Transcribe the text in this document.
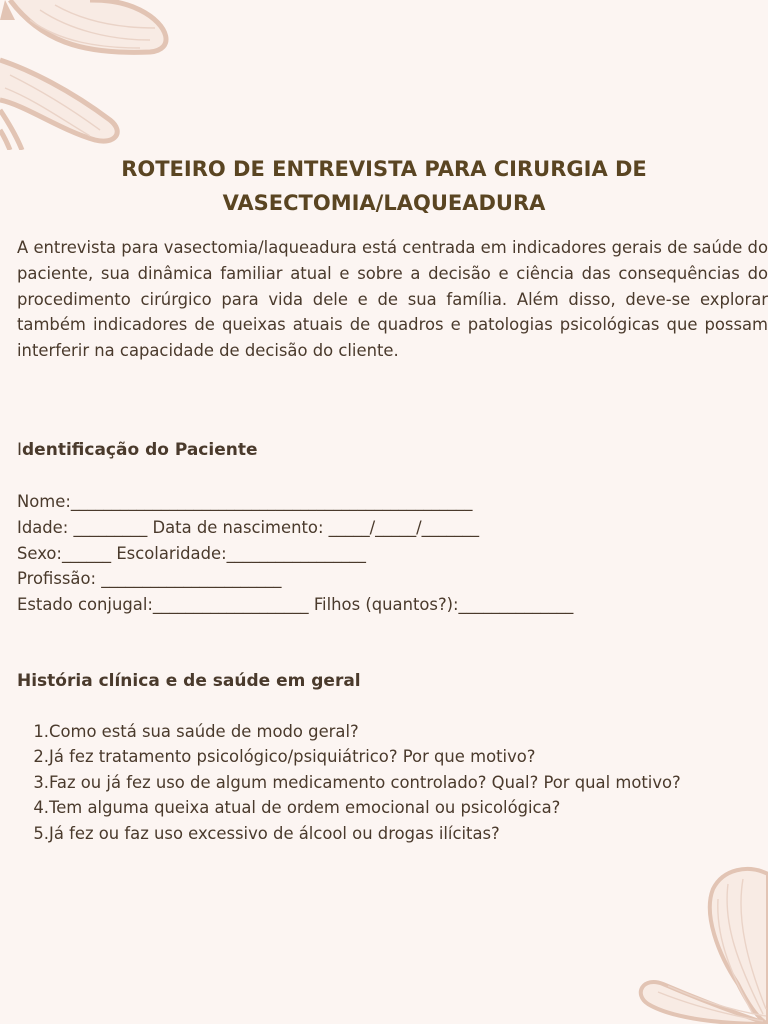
ROTEIRO DE ENTREVISTA PARA CIRURGIA DE
VASECTOMIA/LAQUEADURA

A entrevista para vasectomia/laqueadura está centrada em indicadores gerais de saúde do paciente, sua dinâmica familiar atual e sobre a decisão e ciência das consequências do procedimento cirúrgico para vida dele e de sua família. Além disso, deve-se explorar também indicadores de queixas atuais de quadros e patologias psicológicas que possam interferir na capacidade de decisão do cliente.

Identificação do Paciente
Nome:_________________________________________________
Idade: _________ Data de nascimento: _____/_____/_______
Sexo:______ Escolaridade:_________________
Profissão: ______________________
Estado conjugal:___________________ Filhos (quantos?):______________
História clínica e de saúde em geral
1. Como está sua saúde de modo geral?
2. Já fez tratamento psicológico/psiquiátrico? Por que motivo?
3. Faz ou já fez uso de algum medicamento controlado? Qual? Por qual motivo?
4. Tem alguma queixa atual de ordem emocional ou psicológica?
5. Já fez ou faz uso excessivo de álcool ou drogas ilícitas?
